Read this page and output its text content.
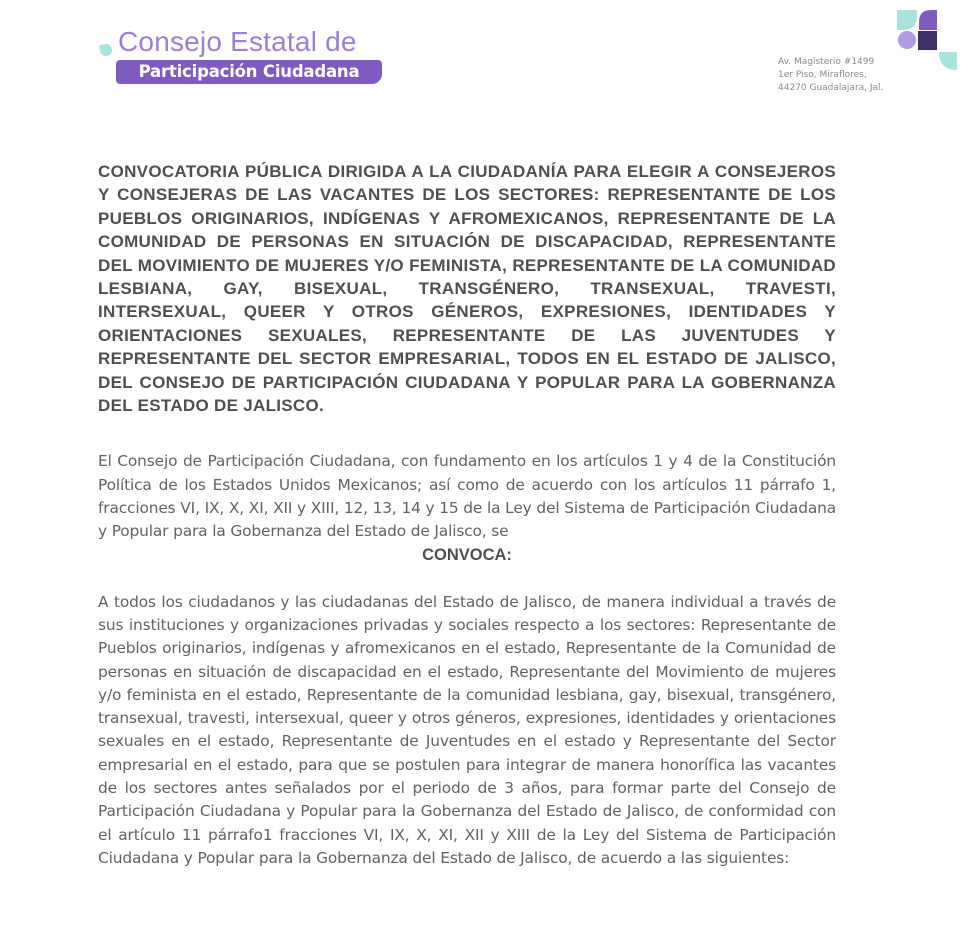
Consejo Estatal de
Participación Ciudadana	Av. Magisterio #1499
1er Piso, Miraflores,
44270 Guadalajara, Jal.

CONVOCATORIA PÚBLICA DIRIGIDA A LA CIUDADANÍA PARA ELEGIR A CONSEJEROS Y CONSEJERAS DE LAS VACANTES DE LOS SECTORES: REPRESENTANTE DE LOS PUEBLOS ORIGINARIOS, INDÍGENAS Y AFROMEXICANOS, REPRESENTANTE DE LA COMUNIDAD DE PERSONAS EN SITUACIÓN DE DISCAPACIDAD, REPRESENTANTE DEL MOVIMIENTO DE MUJERES Y/O FEMINISTA, REPRESENTANTE DE LA COMUNIDAD LESBIANA, GAY, BISEXUAL, TRANSGÉNERO, TRANSEXUAL, TRAVESTI, INTERSEXUAL, QUEER Y OTROS GÉNEROS, EXPRESIONES, IDENTIDADES Y ORIENTACIONES SEXUALES, REPRESENTANTE DE LAS JUVENTUDES Y REPRESENTANTE DEL SECTOR EMPRESARIAL, TODOS EN EL ESTADO DE JALISCO, DEL CONSEJO DE PARTICIPACIÓN CIUDADANA Y POPULAR PARA LA GOBERNANZA DEL ESTADO DE JALISCO.

El Consejo de Participación Ciudadana, con fundamento en los artículos 1 y 4 de la Constitución Política de los Estados Unidos Mexicanos; así como de acuerdo con los artículos 11 párrafo 1, fracciones VI, IX, X, XI, XII y XIII, 12, 13, 14 y 15 de la Ley del Sistema de Participación Ciudadana y Popular para la Gobernanza del Estado de Jalisco, se

CONVOCA:

A todos los ciudadanos y las ciudadanas del Estado de Jalisco, de manera individual a través de sus instituciones y organizaciones privadas y sociales respecto a los sectores: Representante de Pueblos originarios, indígenas y afromexicanos en el estado, Representante de la Comunidad de personas en situación de discapacidad en el estado, Representante del Movimiento de mujeres y/o feminista en el estado, Representante de la comunidad lesbiana, gay, bisexual, transgénero, transexual, travesti, intersexual, queer y otros géneros, expresiones, identidades y orientaciones sexuales en el estado, Representante de Juventudes en el estado y Representante del Sector empresarial en el estado, para que se postulen para integrar de manera honorífica las vacantes de los sectores antes señalados por el periodo de 3 años, para formar parte del Consejo de Participación Ciudadana y Popular para la Gobernanza del Estado de Jalisco, de conformidad con el artículo 11 párrafo1 fracciones VI, IX, X, XI, XII y XIII de la Ley del Sistema de Participación Ciudadana y Popular para la Gobernanza del Estado de Jalisco, de acuerdo a las siguientes:
